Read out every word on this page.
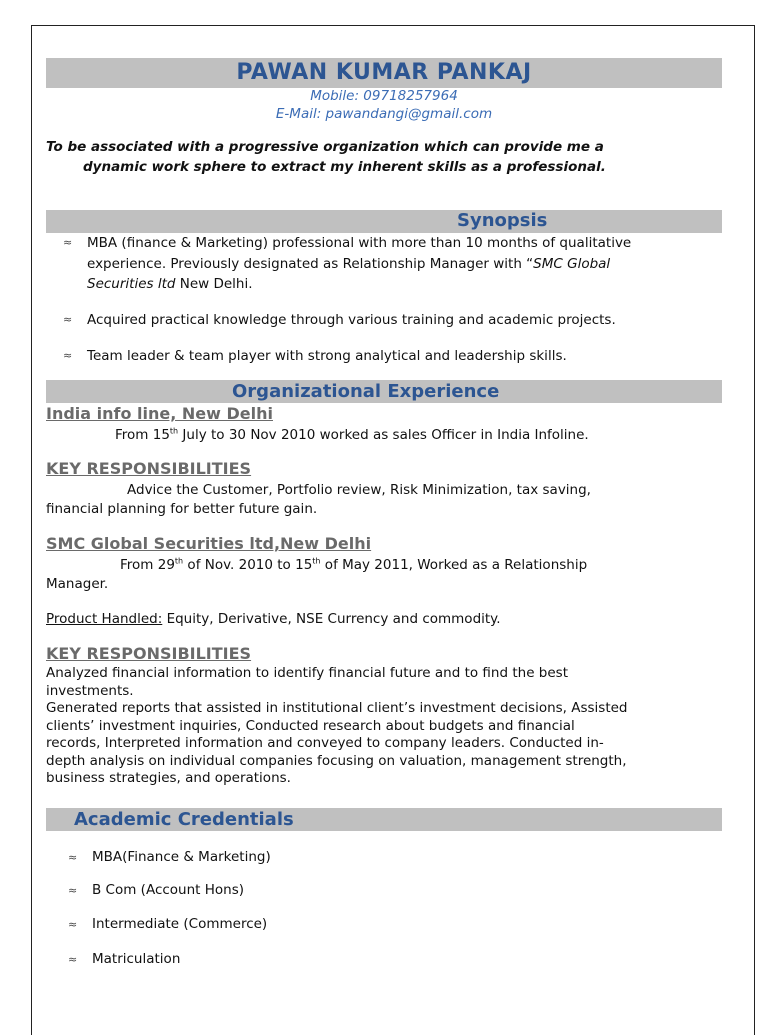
PAWAN KUMAR PANKAJ
Mobile: 09718257964
E-Mail: pawandangi@gmail.com
To be associated with a progressive organization which can provide me a
dynamic work sphere to extract my inherent skills as a professional.
Synopsis
≈ MBA (finance & Marketing) professional with more than 10 months of qualitative
experience. Previously designated as Relationship Manager with “SMC Global
Securities ltd New Delhi.
≈ Acquired practical knowledge through various training and academic projects.
≈ Team leader & team player with strong analytical and leadership skills.
Organizational Experience
India info line, New Delhi
From 15th July to 30 Nov 2010 worked as sales Officer in India Infoline.
KEY RESPONSIBILITIES
Advice the Customer, Portfolio review, Risk Minimization, tax saving,
financial planning for better future gain.
SMC Global Securities ltd,New Delhi
From 29th of Nov. 2010 to 15th of May 2011, Worked as a Relationship
Manager.
Product Handled: Equity, Derivative, NSE Currency and commodity.
KEY RESPONSIBILITIES
Analyzed financial information to identify financial future and to find the best
investments.
Generated reports that assisted in institutional client’s investment decisions, Assisted
clients’ investment inquiries, Conducted research about budgets and financial
records, Interpreted information and conveyed to company leaders. Conducted in-
depth analysis on individual companies focusing on valuation, management strength,
business strategies, and operations.
Academic Credentials
≈ MBA(Finance & Marketing)
≈ B Com (Account Hons)
≈ Intermediate (Commerce)
≈ Matriculation
